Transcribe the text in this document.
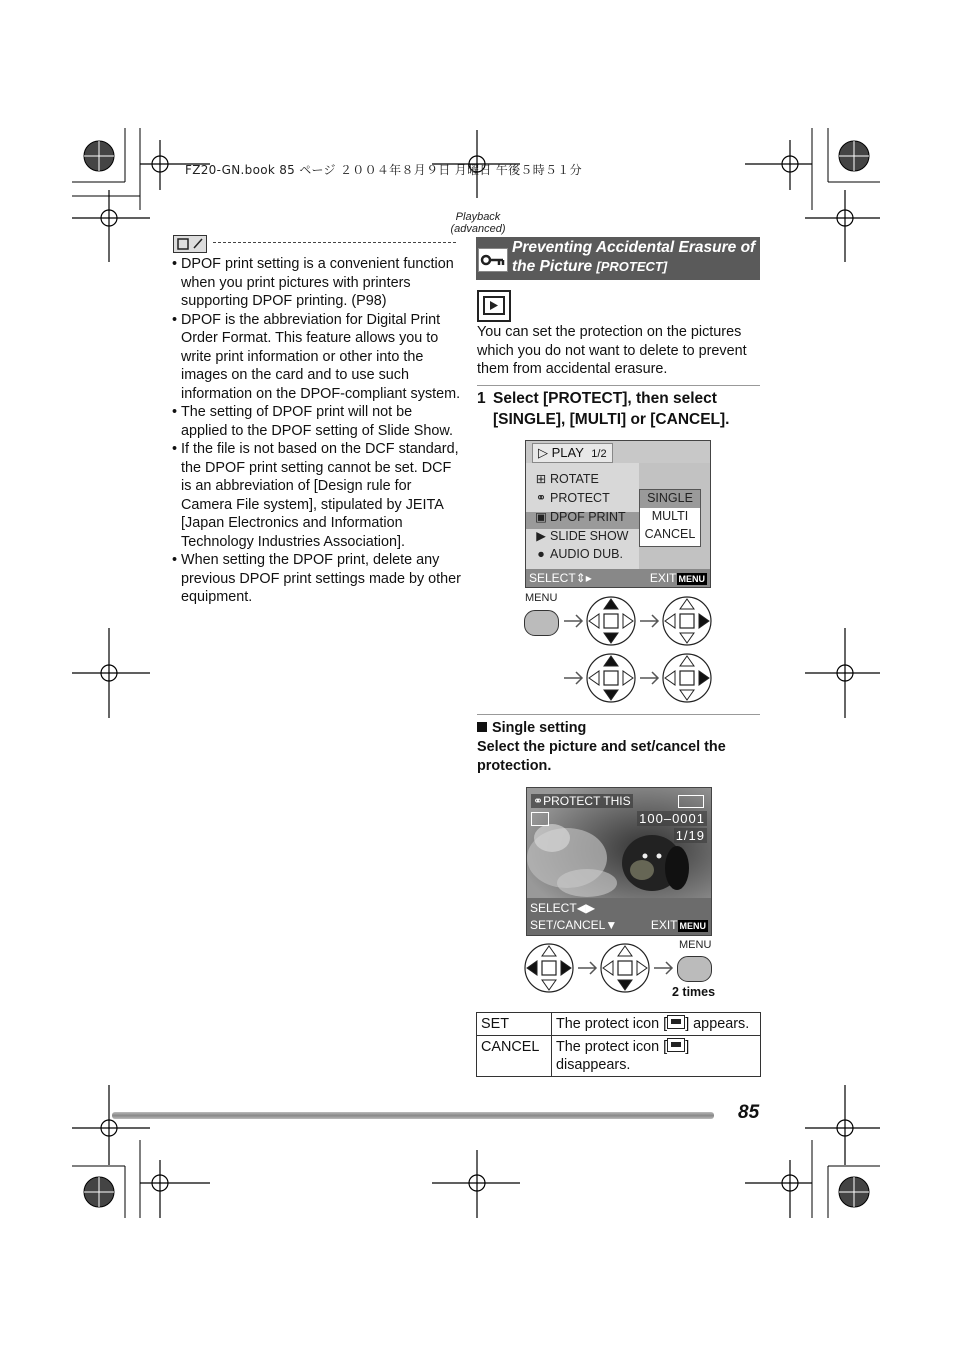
FZ20-GN.book 85 ページ ２００４年８月９日 月曜日 午後５時５１分
Playback (advanced)
• DPOF print setting is a convenient function when you print pictures with printers supporting DPOF printing. (P98)
• DPOF is the abbreviation for Digital Print Order Format. This feature allows you to write print information or other into the images on the card and to use such information on the DPOF-compliant system.
• The setting of DPOF print will not be applied to the DPOF setting of Slide Show.
• If the file is not based on the DCF standard, the DPOF print setting cannot be set. DCF is an abbreviation of [Design rule for Camera File system], stipulated by JEITA [Japan Electronics and Information Technology Industries Association].
• When setting the DPOF print, delete any previous DPOF print settings made by other equipment.
Preventing Accidental Erasure of the Picture [PROTECT]
You can set the protection on the pictures which you do not want to delete to prevent them from accidental erasure.
1 Select [PROTECT], then select [SINGLE], [MULTI] or [CANCEL].
▷ PLAY 1/2
⊞ ROTATE
⚭ PROTECT
▣ DPOF PRINT
▶ SLIDE SHOW
● AUDIO DUB.
SINGLE
MULTI
CANCEL
SELECT⇕▸	EXIT MENU
MENU
Single setting
Select the picture and set/cancel the protection.
⚭PROTECT THIS
100–0001
1/19
SELECT◀▶
SET/CANCEL▼	EXIT MENU
MENU
2 times
SET	The protect icon [ ] appears.
CANCEL	The protect icon [ ] disappears.
85
